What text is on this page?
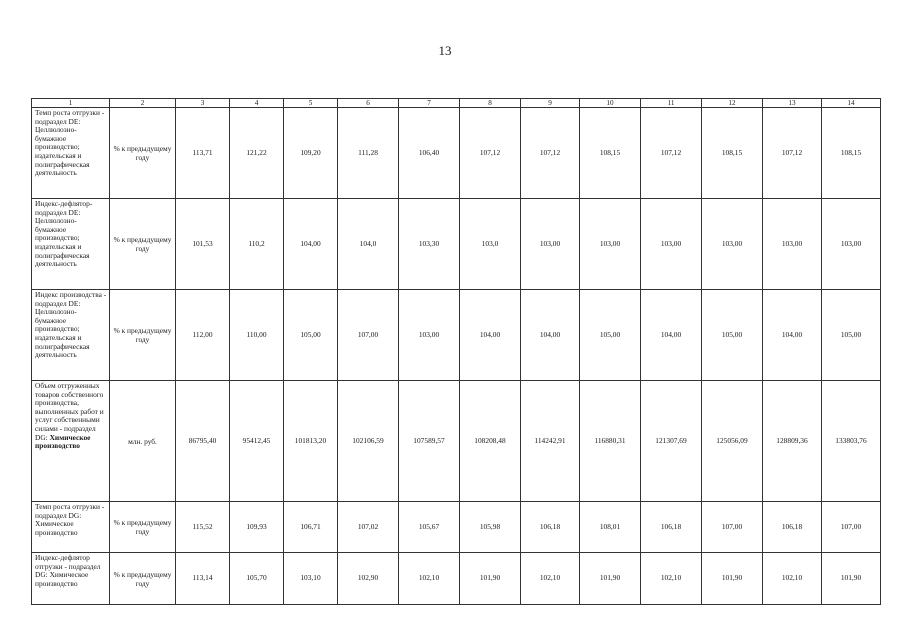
13
1	2	3	4	5	6	7	8	9	10	11	12	13	14
Темп роста отгрузки - подраздел DE: Целлюлозно-бумажное производство; издательская и полиграфическая деятельность	% к предыдущему году	113,71	121,22	109,20	111,28	106,40	107,12	107,12	108,15	107,12	108,15	107,12	108,15
Индекс-дефлятор-подраздел DE: Целлюлозно-бумажное производство; издательская и полиграфическая деятельность	% к предыдущему году	101,53	110,2	104,00	104,0	103,30	103,0	103,00	103,00	103,00	103,00	103,00	103,00
Индекс производства - подраздел DE: Целлюлозно-бумажное производство; издательская и полиграфическая деятельность	% к предыдущему году	112,00	110,00	105,00	107,00	103,00	104,00	104,00	105,00	104,00	105,00	104,00	105,00
Объем отгруженных товаров собственного производства, выполненных работ и услуг собственными силами - подраздел DG: Химическое производство	млн. руб.	86795,40	95412,45	101813,20	102106,59	107589,57	108208,48	114242,91	116880,31	121307,69	125056,09	128809,36	133803,76
Темп роста отгрузки - подраздел DG: Химическое производство	% к предыдущему году	115,52	109,93	106,71	107,02	105,67	105,98	106,18	108,01	106,18	107,00	106,18	107,00
Индекс-дефлятор отгрузки - подраздел DG: Химическое производство	% к предыдущему году	113,14	105,70	103,10	102,90	102,10	101,90	102,10	101,90	102,10	101,90	102,10	101,90
